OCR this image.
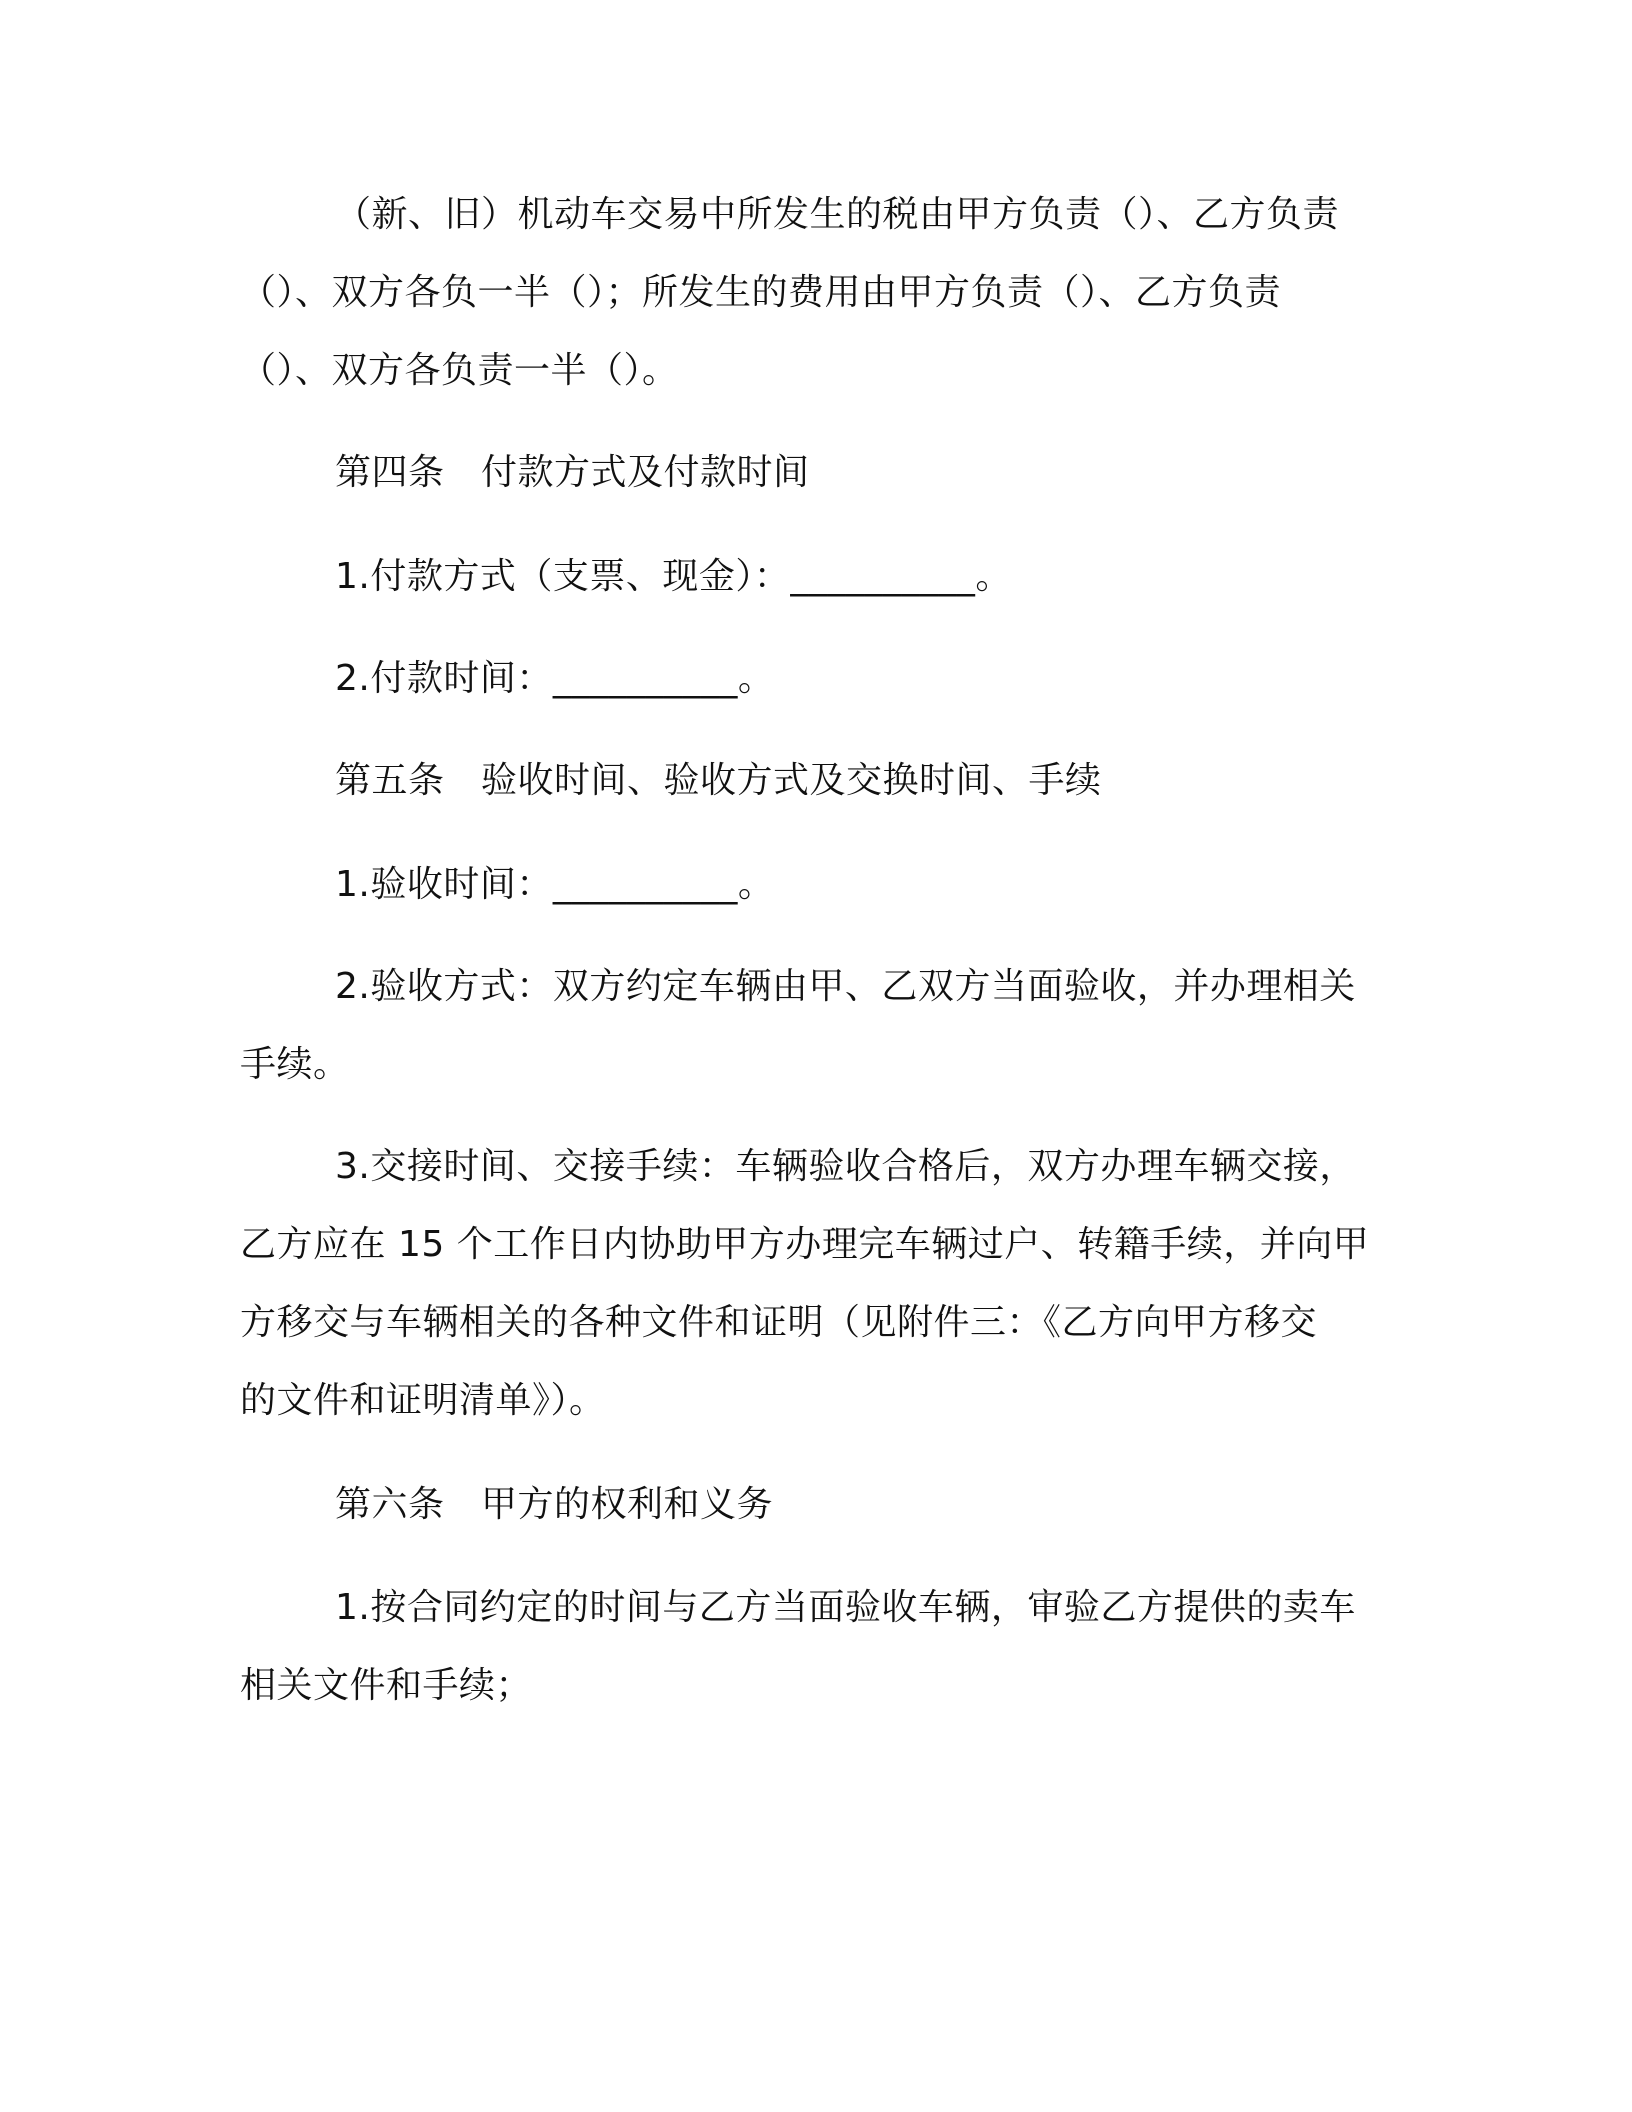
（新、旧）机动车交易中所发生的税由甲方负责（）、乙方负责
（）、双方各负一半（）；所发生的费用由甲方负责（）、乙方负责
（）、双方各负责一半（）。
第四条　付款方式及付款时间
1.付款方式（支票、现金）：__________。
2.付款时间：__________。
第五条　验收时间、验收方式及交换时间、手续
1.验收时间：__________。
2.验收方式：双方约定车辆由甲、乙双方当面验收，并办理相关
手续。
3.交接时间、交接手续：车辆验收合格后，双方办理车辆交接，
乙方应在 15 个工作日内协助甲方办理完车辆过户、转籍手续，并向甲
方移交与车辆相关的各种文件和证明（见附件三：《乙方向甲方移交
的文件和证明清单》）。
第六条　甲方的权利和义务
1.按合同约定的时间与乙方当面验收车辆，审验乙方提供的卖车
相关文件和手续；
